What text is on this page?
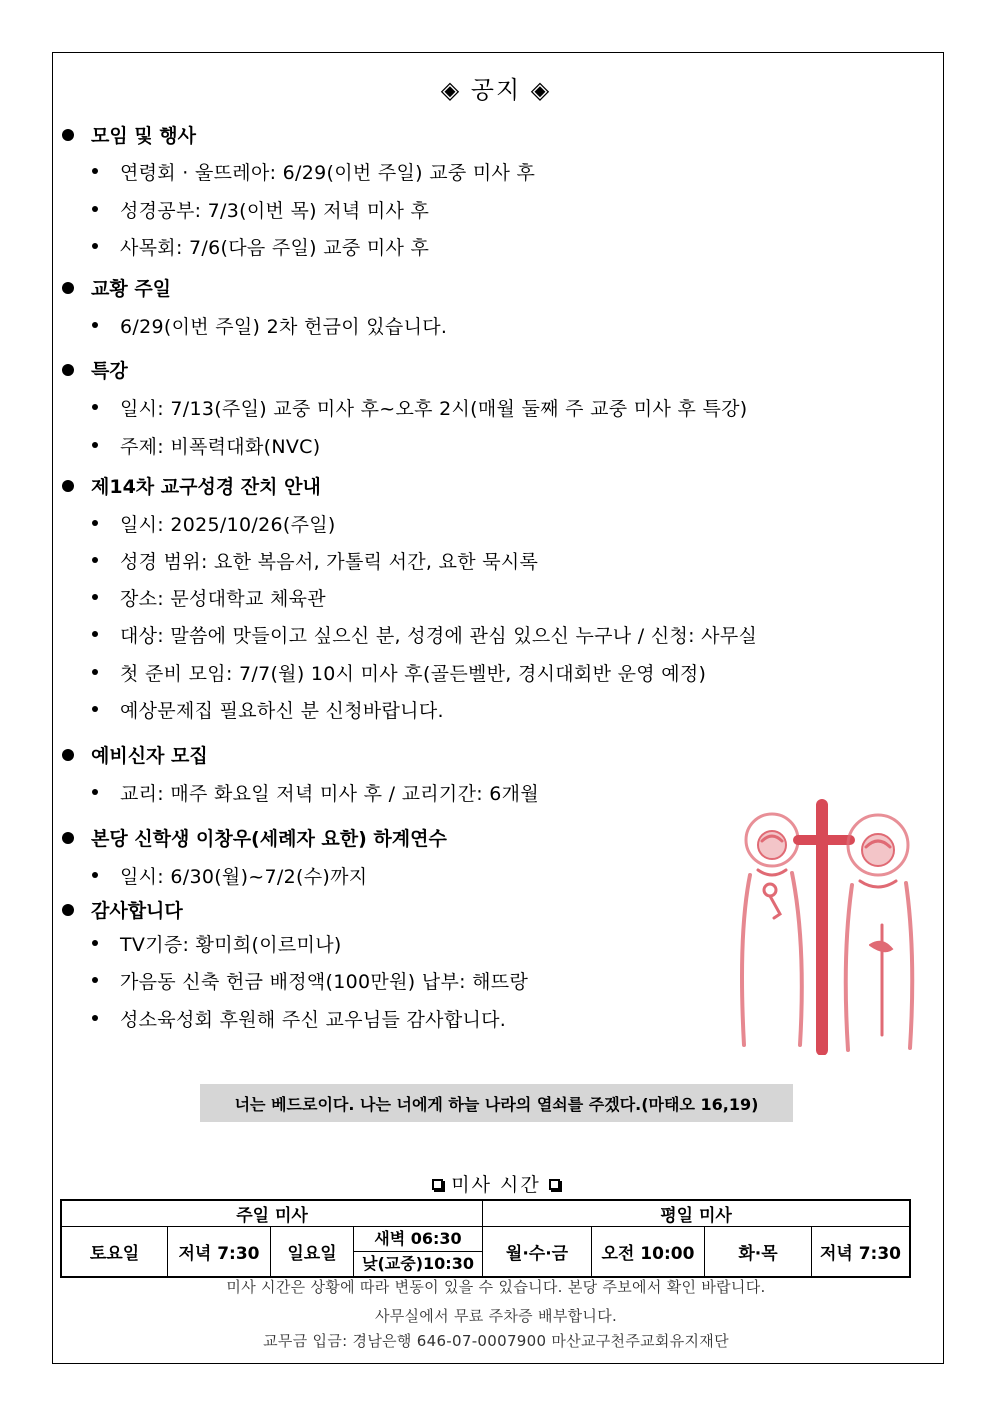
◈ 공지 ◈
모임 및 행사
연령회 · 울뜨레아: 6/29(이번 주일) 교중 미사 후
성경공부: 7/3(이번 목) 저녁 미사 후
사목회: 7/6(다음 주일) 교중 미사 후
교황 주일
6/29(이번 주일) 2차 헌금이 있습니다.
특강
일시: 7/13(주일) 교중 미사 후~오후 2시(매월 둘째 주 교중 미사 후 특강)
주제: 비폭력대화(NVC)
제14차 교구성경 잔치 안내
일시: 2025/10/26(주일)
성경 범위: 요한 복음서, 가톨릭 서간, 요한 묵시록
장소: 문성대학교 체육관
대상: 말씀에 맛들이고 싶으신 분, 성경에 관심 있으신 누구나 / 신청: 사무실
첫 준비 모임: 7/7(월) 10시 미사 후(골든벨반, 경시대회반 운영 예정)
예상문제집 필요하신 분 신청바랍니다.
예비신자 모집
교리: 매주 화요일 저녁 미사 후 / 교리기간: 6개월
본당 신학생 이창우(세례자 요한) 하계연수
일시: 6/30(월)~7/2(수)까지
감사합니다
TV기증: 황미희(이르미나)
가음동 신축 헌금 배정액(100만원) 납부: 해뜨랑
성소육성회 후원해 주신 교우님들 감사합니다.
너는 베드로이다. 나는 너에게 하늘 나라의 열쇠를 주겠다.(마태오 16,19)
미사 시간
주일 미사				평일 미사			
토요일	저녁 7:30	일요일	새벽 06:30	월·수·금	오전 10:00	화·목	저녁 7:30
			낮(교중)10:30				
미사 시간은 상황에 따라 변동이 있을 수 있습니다. 본당 주보에서 확인 바랍니다.
사무실에서 무료 주차증 배부합니다.
교무금 입금: 경남은행 646-07-0007900 마산교구천주교회유지재단
